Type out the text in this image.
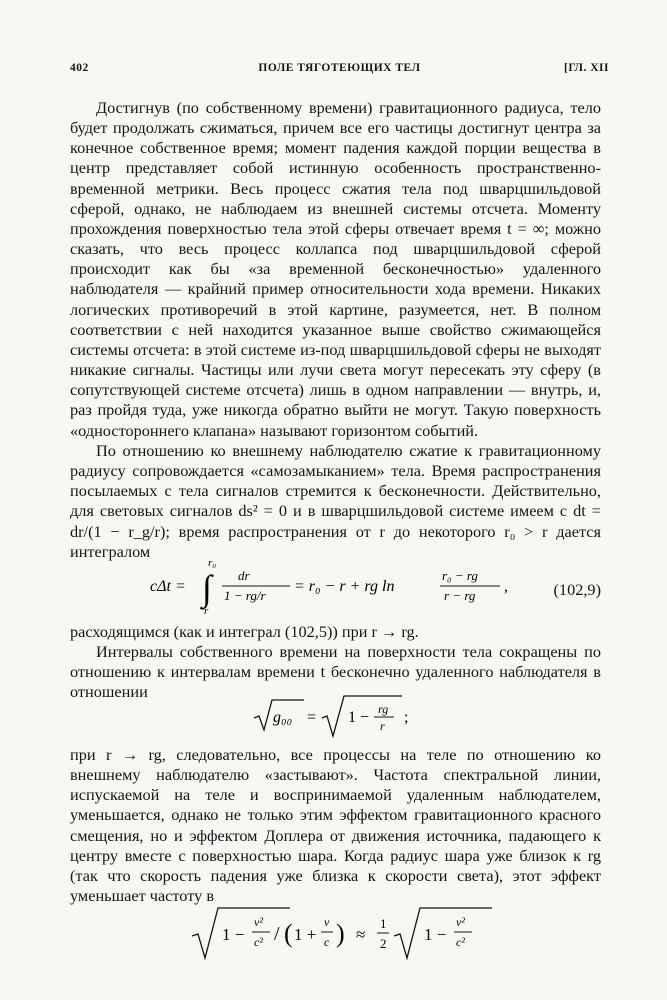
402	ПОЛЕ ТЯГОТЕЮЩИХ ТЕЛ	[ГЛ. XII

Достигнув (по собственному времени) гравитационного радиуса, тело будет продолжать сжиматься, причем все его частицы достигнут центра за конечное собственное время; момент падения каждой порции вещества в центр представляет собой истинную особенность пространственно-временной метрики. Весь процесс сжатия тела под шварцшильдовой сферой, однако, не наблюдаем из внешней системы отсчета. Моменту прохождения поверхностью тела этой сферы отвечает время t = ∞; можно сказать, что весь процесс коллапса под шварцшильдовой сферой происходит как бы «за временной бесконечностью» удаленного наблюдателя — крайний пример относительности хода времени. Никаких логических противоречий в этой картине, разумеется, нет. В полном соответствии с ней находится указанное выше свойство сжимающейся системы отсчета: в этой системе из-под шварцшильдовой сферы не выходят никакие сигналы. Частицы или лучи света могут пересекать эту сферу (в сопутствующей системе отсчета) лишь в одном направлении — внутрь, и, раз пройдя туда, уже никогда обратно выйти не могут. Такую поверхность «одностороннего клапана» называют горизонтом событий.

По отношению ко внешнему наблюдателю сжатие к гравитационному радиусу сопровождается «самозамыканием» тела. Время распространения посылаемых с тела сигналов стремится к бесконечности. Действительно, для световых сигналов ds² = 0 и в шварцшильдовой системе имеем c dt = dr/(1 − r_g/r); время распространения от r до некоторого r₀ > r дается интегралом

cΔt = ∫
r₀
r
dr
1 − rg/r
= r₀ − r + rg ln
r₀ − rg
r − rg
,	(102,9)
расходящимся (как и интеграл (102,5)) при r → rg.

Интервалы собственного времени на поверхности тела сокращены по отношению к интервалам времени t бесконечно удаленного наблюдателя в отношении

g₀₀ = 1 − rg
r ;

при r → rg, следовательно, все процессы на теле по отношению ко внешнему наблюдателю «застывают». Частота спектральной линии, испускаемой на теле и воспринимаемой удаленным наблюдателем, уменьшается, однако не только этим эффектом гравитационного красного смещения, но и эффектом Доплера от движения источника, падающего к центру вместе с поверхностью шара. Когда радиус шара уже близок к rg (так что скорость падения уже близка к скорости света), этот эффект уменьшает частоту в

1 −
v²
c² / ( 1 +
v
c ) ≈
1
2 1 −
v²
c²
